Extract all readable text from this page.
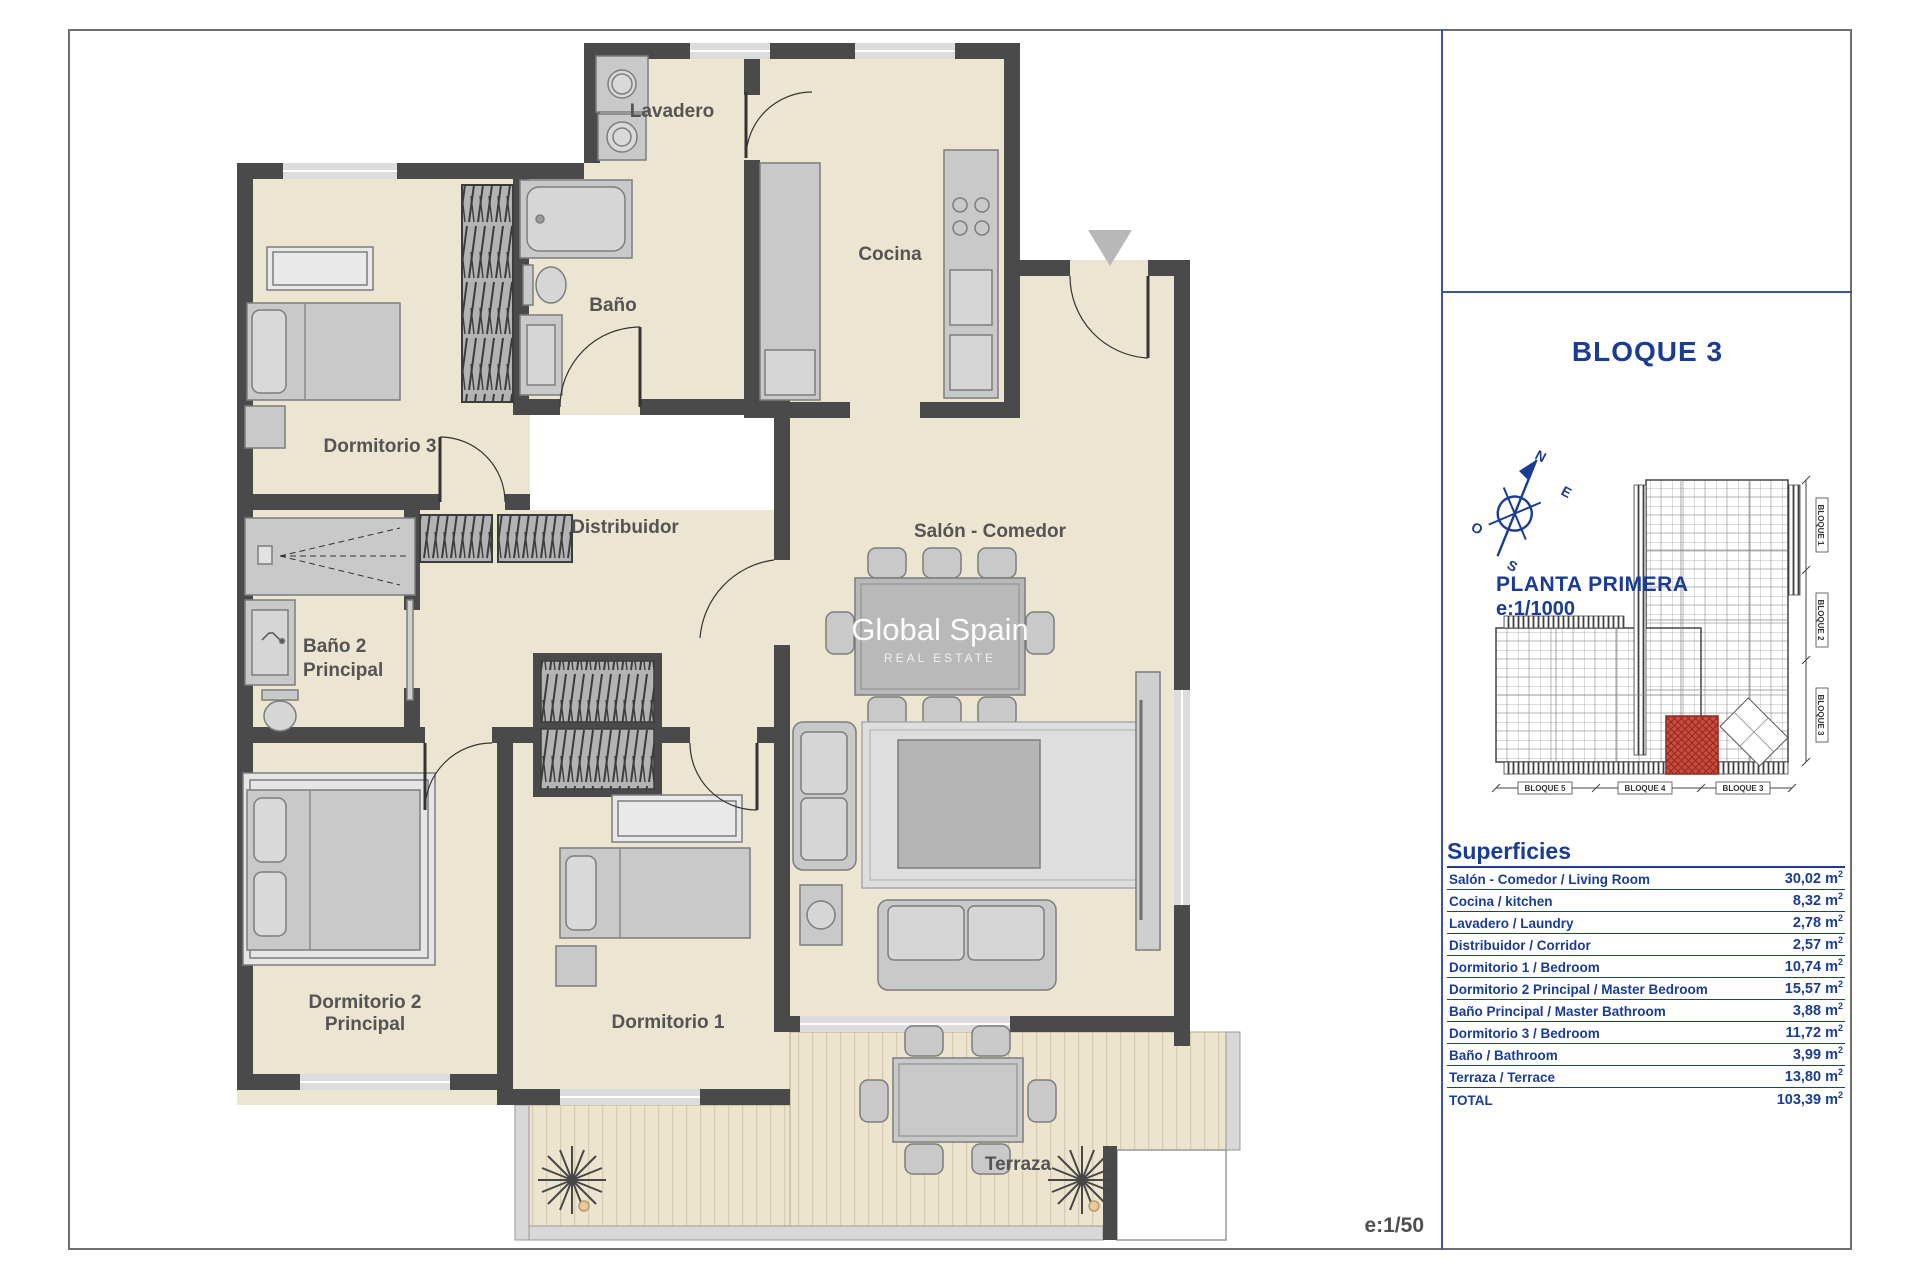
Lavadero
Cocina
Baño
Dormitorio 3
Distribuidor	Salón - Comedor
Baño 2
Principal
Dormitorio 2
Principal	Dormitorio 1
Terraza
Global Spain
REAL ESTATE
BLOQUE 3
N
E
S
O
BLOQUE 5	BLOQUE 4	BLOQUE 3
BLOQUE 1
BLOQUE 2
BLOQUE 3
PLANTA PRIMERA
e:1/1000
Superficies
Salón - Comedor / Living Room	30,02 $m^2$
Cocina / kitchen	8,32 $m^2$
Lavadero / Laundry	2,78 $m^2$
Distribuidor / Corridor	2,57 $m^2$
Dormitorio 1 / Bedroom	10,74 $m^2$
Dormitorio 2 Principal / Master Bedroom	15,57 $m^2$
Baño Principal / Master Bathroom	3,88 $m^2$
Dormitorio 3 / Bedroom	11,72 $m^2$
Baño / Bathroom	3,99 $m^2$
Terraza / Terrace	13,80 $m^2$
TOTAL	103,39 $m^2$
e:1/50
